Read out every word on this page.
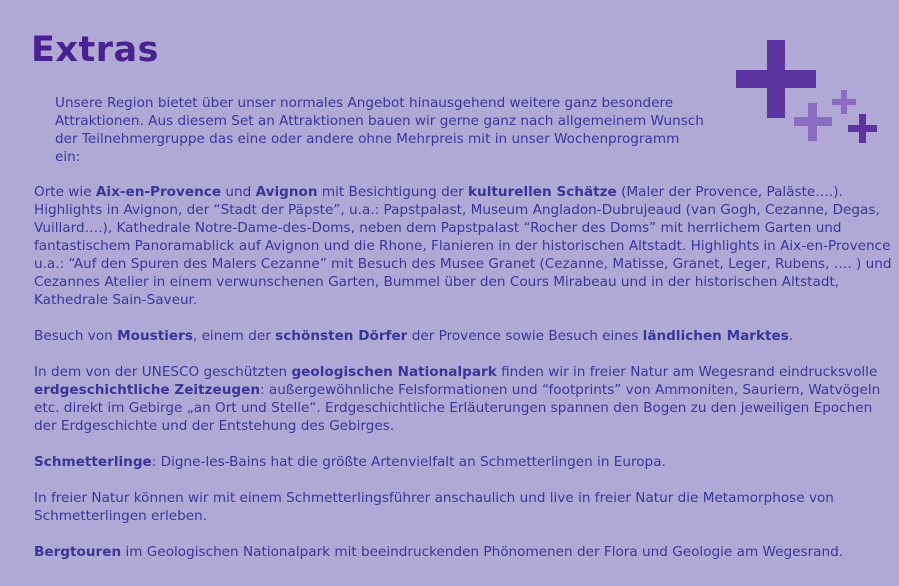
Extras
Unsere Region bietet über unser normales Angebot hinausgehend weitere ganz besondere Attraktionen. Aus diesem Set an Attraktionen bauen wir gerne ganz nach allgemeinem Wunsch der Teilnehmergruppe das eine oder andere ohne Mehrpreis mit in unser Wochenprogramm ein:

Orte wie Aix-en-Provence und Avignon mit Besichtigung der kulturellen Schätze (Maler der Provence, Paläste….). Highlights in Avignon, der “Stadt der Päpste”, u.a.: Papstpalast, Museum Angladon-Dubrujeaud (van Gogh, Cezanne, Degas, Vuillard….), Kathedrale Notre-Dame-des-Doms, neben dem Papstpalast “Rocher des Doms” mit herrlichem Garten und fantastischem Panoramablick auf Avignon und die Rhone, Flanieren in der historischen Altstadt. Highlights in Aix-en-Provence u.a.: “Auf den Spuren des Malers Cezanne” mit Besuch des Musee Granet (Cezanne, Matisse, Granet, Leger, Rubens, …. ) und Cezannes Atelier in einem verwunschenen Garten, Bummel über den Cours Mirabeau und in der historischen Altstadt, Kathedrale Sain-Saveur.

Besuch von Moustiers, einem der schönsten Dörfer der Provence sowie Besuch eines ländlichen Marktes.

In dem von der UNESCO geschützten geologischen Nationalpark finden wir in freier Natur am Wegesrand eindrucksvolle erdgeschichtliche Zeitzeugen: außergewöhnliche Felsformationen und “footprints” von Ammoniten, Sauriern, Watvögeln etc. direkt im Gebirge „an Ort und Stelle“. Erdgeschichtliche Erläuterungen spannen den Bogen zu den jeweiligen Epochen der Erdgeschichte und der Entstehung des Gebirges.

Schmetterlinge: Digne-les-Bains hat die größte Artenvielfalt an Schmetterlingen in Europa.

In freier Natur können wir mit einem Schmetterlingsführer anschaulich und live in freier Natur die Metamorphose von Schmetterlingen erleben.

Bergtouren im Geologischen Nationalpark mit beeindruckenden Phönomenen der Flora und Geologie am Wegesrand.
